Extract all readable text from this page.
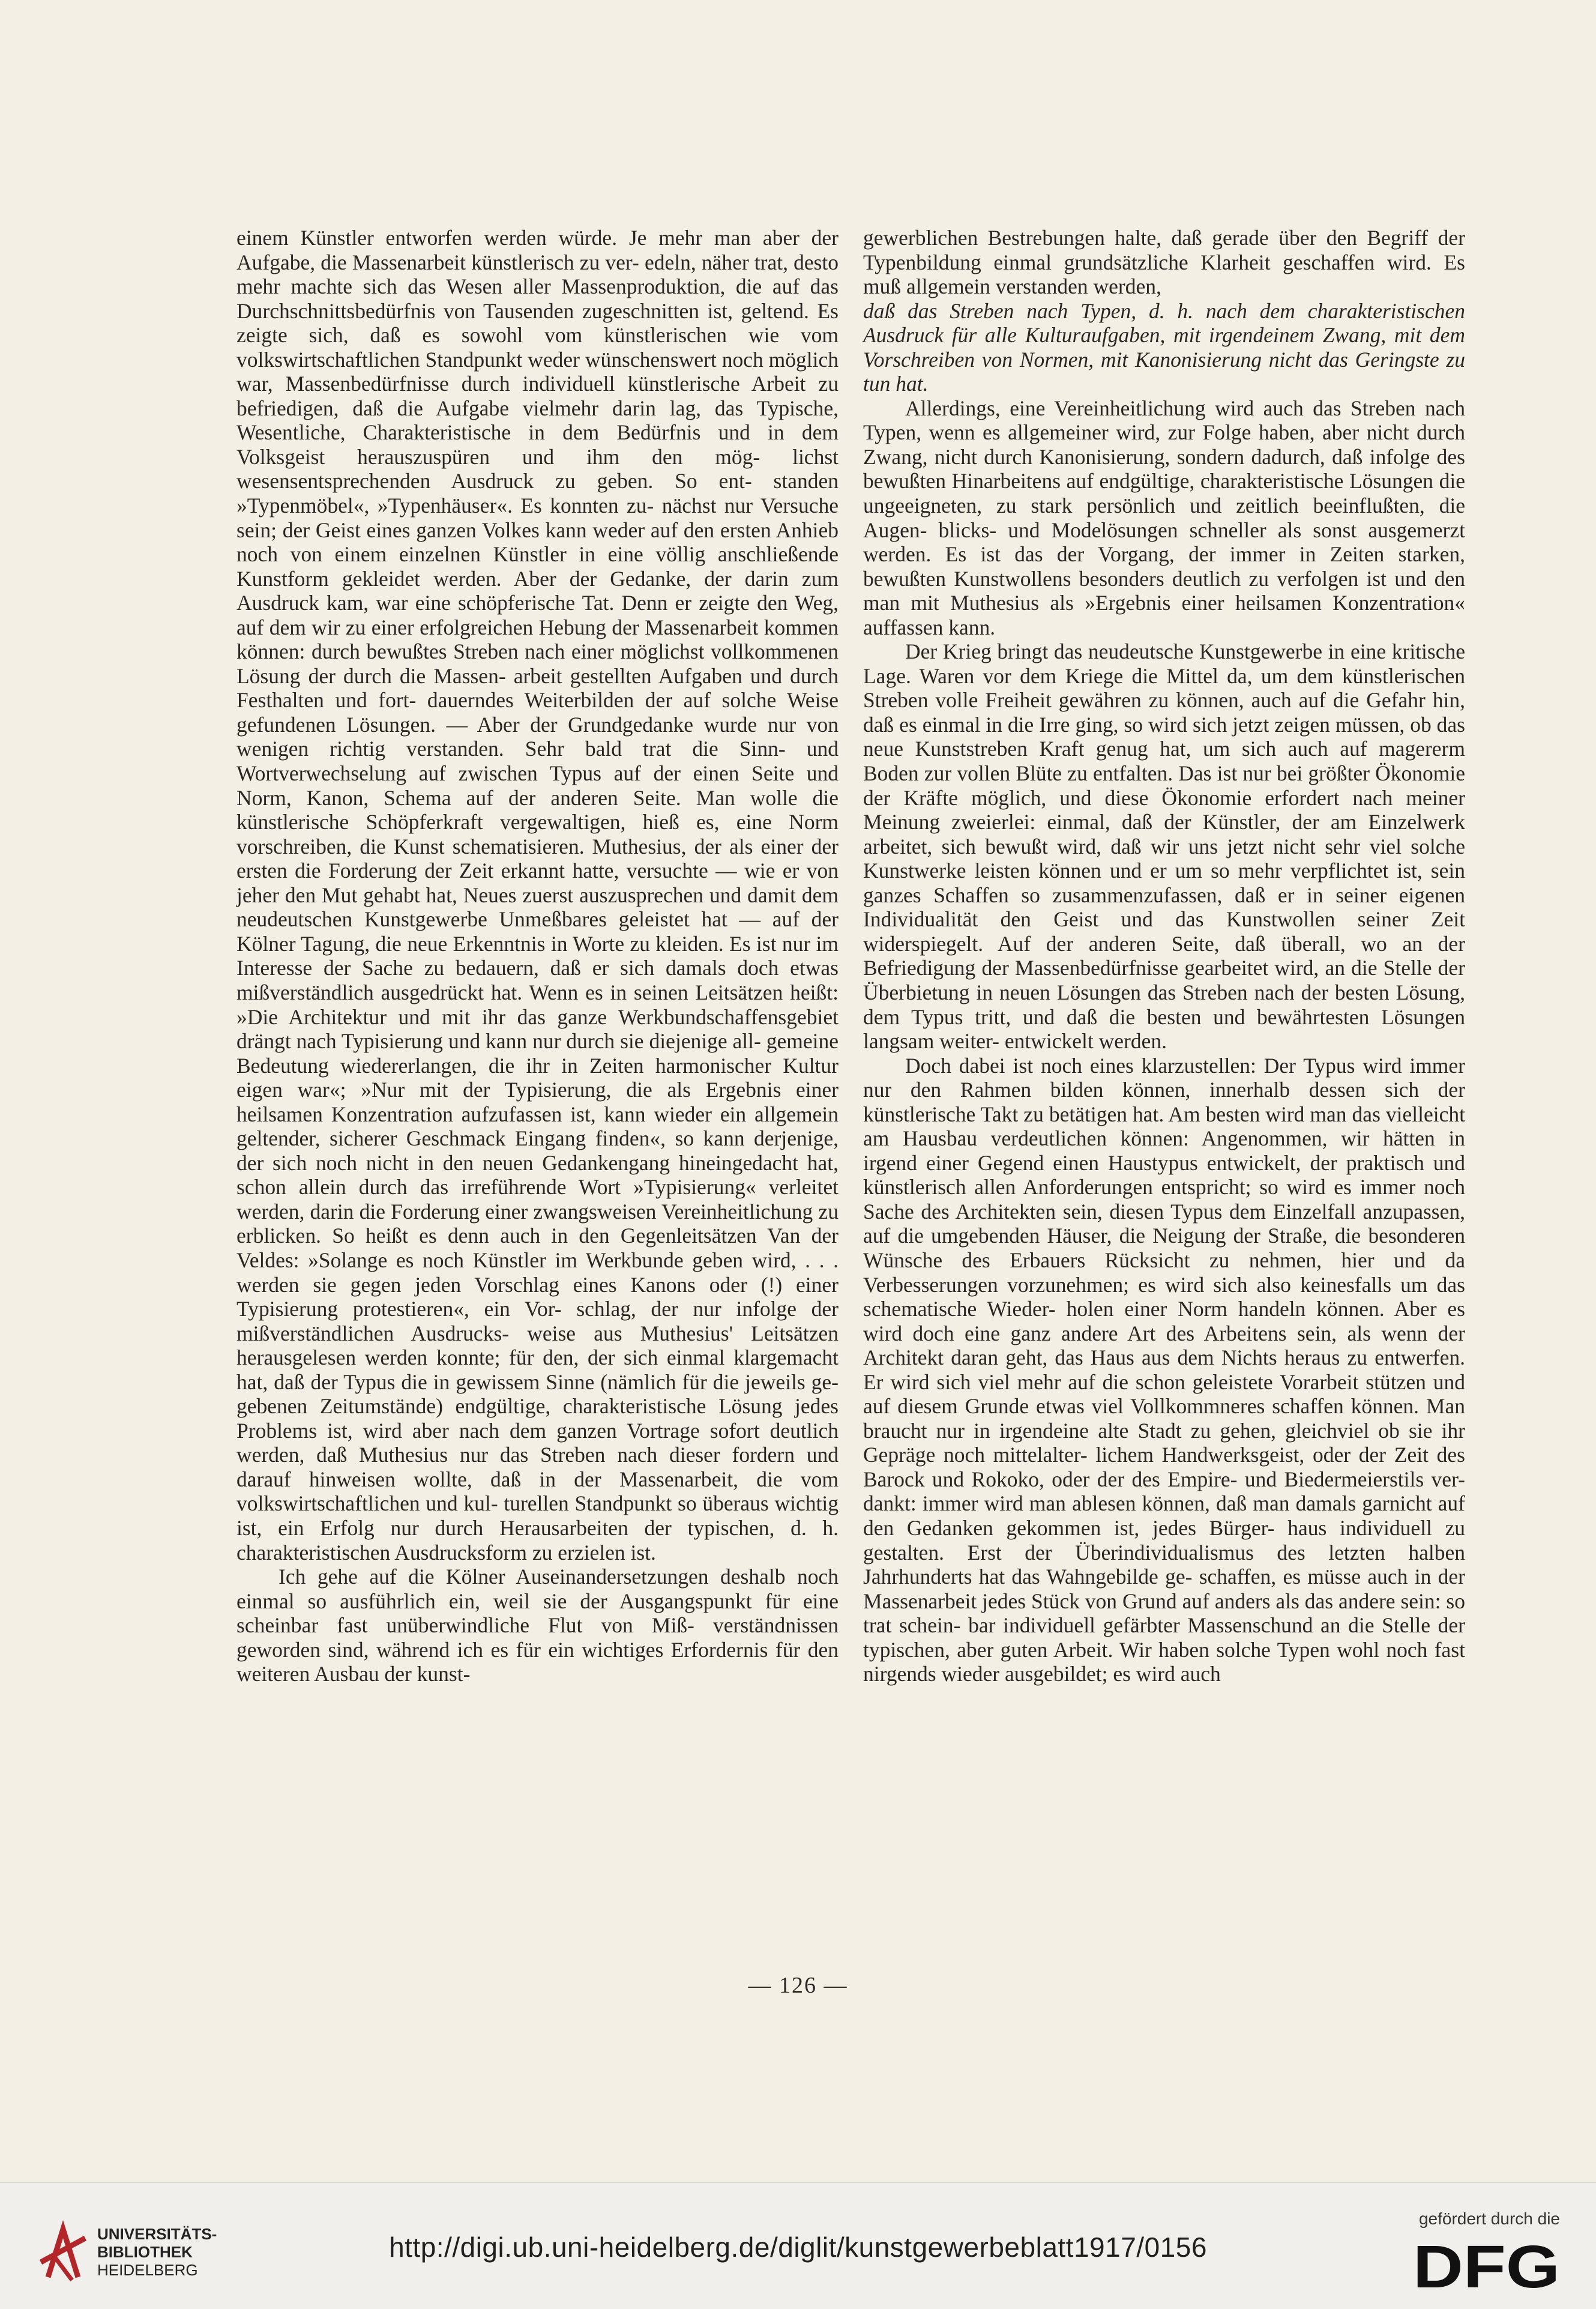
einem Künstler entworfen werden würde. Je mehr man aber der Aufgabe, die Massenarbeit künstlerisch zu ver- edeln, näher trat, desto mehr machte sich das Wesen aller Massenproduktion, die auf das Durchschnittsbedürfnis von Tausenden zugeschnitten ist, geltend. Es zeigte sich, daß es sowohl vom künstlerischen wie vom volkswirtschaftlichen Standpunkt weder wünschenswert noch möglich war, Massenbedürfnisse durch individuell künstlerische Arbeit zu befriedigen, daß die Aufgabe vielmehr darin lag, das Typische, Wesentliche, Charakteristische in dem Bedürfnis und in dem Volksgeist herauszuspüren und ihm den mög- lichst wesensentsprechenden Ausdruck zu geben. So ent- standen »Typenmöbel«, »Typenhäuser«. Es konnten zu- nächst nur Versuche sein; der Geist eines ganzen Volkes kann weder auf den ersten Anhieb noch von einem einzelnen Künstler in eine völlig anschließende Kunstform gekleidet werden. Aber der Gedanke, der darin zum Ausdruck kam, war eine schöpferische Tat. Denn er zeigte den Weg, auf dem wir zu einer erfolgreichen Hebung der Massenarbeit kommen können: durch bewußtes Streben nach einer möglichst vollkommenen Lösung der durch die Massen- arbeit gestellten Aufgaben und durch Festhalten und fort- dauerndes Weiterbilden der auf solche Weise gefundenen Lösungen. — Aber der Grundgedanke wurde nur von wenigen richtig verstanden. Sehr bald trat die Sinn- und Wortverwechselung auf zwischen Typus auf der einen Seite und Norm, Kanon, Schema auf der anderen Seite. Man wolle die künstlerische Schöpferkraft vergewaltigen, hieß es, eine Norm vorschreiben, die Kunst schematisieren. Muthesius, der als einer der ersten die Forderung der Zeit erkannt hatte, versuchte — wie er von jeher den Mut gehabt hat, Neues zuerst auszusprechen und damit dem neudeutschen Kunstgewerbe Unmeßbares geleistet hat — auf der Kölner Tagung, die neue Erkenntnis in Worte zu kleiden. Es ist nur im Interesse der Sache zu bedauern, daß er sich damals doch etwas mißverständlich ausgedrückt hat. Wenn es in seinen Leitsätzen heißt: »Die Architektur und mit ihr das ganze Werkbundschaffensgebiet drängt nach Typisierung und kann nur durch sie diejenige all- gemeine Bedeutung wiedererlangen, die ihr in Zeiten harmonischer Kultur eigen war«; »Nur mit der Typisierung, die als Ergebnis einer heilsamen Konzentration aufzufassen ist, kann wieder ein allgemein geltender, sicherer Geschmack Eingang finden«, so kann derjenige, der sich noch nicht in den neuen Gedankengang hineingedacht hat, schon allein durch das irreführende Wort »Typisierung« verleitet werden, darin die Forderung einer zwangsweisen Vereinheitlichung zu erblicken. So heißt es denn auch in den Gegenleitsätzen Van der Veldes: »Solange es noch Künstler im Werkbunde geben wird, . . . werden sie gegen jeden Vorschlag eines Kanons oder (!) einer Typisierung protestieren«, ein Vor- schlag, der nur infolge der mißverständlichen Ausdrucks- weise aus Muthesius' Leitsätzen herausgelesen werden konnte; für den, der sich einmal klargemacht hat, daß der Typus die in gewissem Sinne (nämlich für die jeweils ge- gebenen Zeitumstände) endgültige, charakteristische Lösung jedes Problems ist, wird aber nach dem ganzen Vortrage sofort deutlich werden, daß Muthesius nur das Streben nach dieser fordern und darauf hinweisen wollte, daß in der Massenarbeit, die vom volkswirtschaftlichen und kul- turellen Standpunkt so überaus wichtig ist, ein Erfolg nur durch Herausarbeiten der typischen, d. h. charakteristischen Ausdrucksform zu erzielen ist.

Ich gehe auf die Kölner Auseinandersetzungen deshalb noch einmal so ausführlich ein, weil sie der Ausgangspunkt für eine scheinbar fast unüberwindliche Flut von Miß- verständnissen geworden sind, während ich es für ein wichtiges Erfordernis für den weiteren Ausbau der kunst-

gewerblichen Bestrebungen halte, daß gerade über den Begriff der Typenbildung einmal grundsätzliche Klarheit geschaffen wird. Es muß allgemein verstanden werden,

daß das Streben nach Typen, d. h. nach dem charakteristischen Ausdruck für alle Kulturaufgaben, mit irgendeinem Zwang, mit dem Vorschreiben von Normen, mit Kanonisierung nicht das Geringste zu tun hat.

Allerdings, eine Vereinheitlichung wird auch das Streben nach Typen, wenn es allgemeiner wird, zur Folge haben, aber nicht durch Zwang, nicht durch Kanonisierung, sondern dadurch, daß infolge des bewußten Hinarbeitens auf endgültige, charakteristische Lösungen die ungeeigneten, zu stark persönlich und zeitlich beeinflußten, die Augen- blicks- und Modelösungen schneller als sonst ausgemerzt werden. Es ist das der Vorgang, der immer in Zeiten starken, bewußten Kunstwollens besonders deutlich zu verfolgen ist und den man mit Muthesius als »Ergebnis einer heilsamen Konzentration« auffassen kann.

Der Krieg bringt das neudeutsche Kunstgewerbe in eine kritische Lage. Waren vor dem Kriege die Mittel da, um dem künstlerischen Streben volle Freiheit gewähren zu können, auch auf die Gefahr hin, daß es einmal in die Irre ging, so wird sich jetzt zeigen müssen, ob das neue Kunststreben Kraft genug hat, um sich auch auf magererm Boden zur vollen Blüte zu entfalten. Das ist nur bei größter Ökonomie der Kräfte möglich, und diese Ökonomie erfordert nach meiner Meinung zweierlei: einmal, daß der Künstler, der am Einzelwerk arbeitet, sich bewußt wird, daß wir uns jetzt nicht sehr viel solche Kunstwerke leisten können und er um so mehr verpflichtet ist, sein ganzes Schaffen so zusammenzufassen, daß er in seiner eigenen Individualität den Geist und das Kunstwollen seiner Zeit widerspiegelt. Auf der anderen Seite, daß überall, wo an der Befriedigung der Massenbedürfnisse gearbeitet wird, an die Stelle der Überbietung in neuen Lösungen das Streben nach der besten Lösung, dem Typus tritt, und daß die besten und bewährtesten Lösungen langsam weiter- entwickelt werden.

Doch dabei ist noch eines klarzustellen: Der Typus wird immer nur den Rahmen bilden können, innerhalb dessen sich der künstlerische Takt zu betätigen hat. Am besten wird man das vielleicht am Hausbau verdeutlichen können: Angenommen, wir hätten in irgend einer Gegend einen Haustypus entwickelt, der praktisch und künstlerisch allen Anforderungen entspricht; so wird es immer noch Sache des Architekten sein, diesen Typus dem Einzelfall anzupassen, auf die umgebenden Häuser, die Neigung der Straße, die besonderen Wünsche des Erbauers Rücksicht zu nehmen, hier und da Verbesserungen vorzunehmen; es wird sich also keinesfalls um das schematische Wieder- holen einer Norm handeln können. Aber es wird doch eine ganz andere Art des Arbeitens sein, als wenn der Architekt daran geht, das Haus aus dem Nichts heraus zu entwerfen. Er wird sich viel mehr auf die schon geleistete Vorarbeit stützen und auf diesem Grunde etwas viel Vollkommneres schaffen können. Man braucht nur in irgendeine alte Stadt zu gehen, gleichviel ob sie ihr Gepräge noch mittelalter- lichem Handwerksgeist, oder der Zeit des Barock und Rokoko, oder der des Empire- und Biedermeierstils ver- dankt: immer wird man ablesen können, daß man damals garnicht auf den Gedanken gekommen ist, jedes Bürger- haus individuell zu gestalten. Erst der Überindividualismus des letzten halben Jahrhunderts hat das Wahngebilde ge- schaffen, es müsse auch in der Massenarbeit jedes Stück von Grund auf anders als das andere sein: so trat schein- bar individuell gefärbter Massenschund an die Stelle der typischen, aber guten Arbeit. Wir haben solche Typen wohl noch fast nirgends wieder ausgebildet; es wird auch

— 126 —
UNIVERSITÄTS-
BIBLIOTHEK
HEIDELBERG
http://digi.ub.uni-heidelberg.de/diglit/kunstgewerbeblatt1917/0156
gefördert durch die
DFG
